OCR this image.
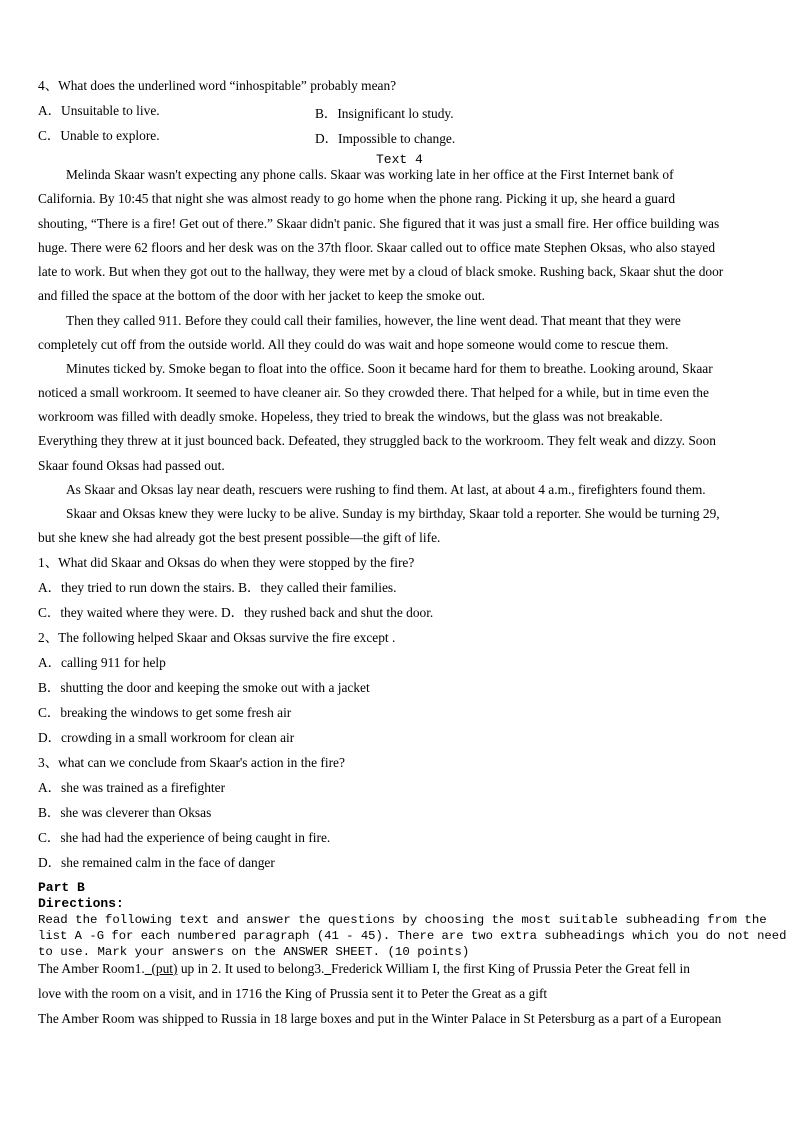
4、What does the underlined word “inhospitable” probably mean?
A．Unsuitable to live.	B．Insignificant lo study.
C．Unable to explore.	D．Impossible to change.
Text 4
Melinda Skaar wasn't expecting any phone calls. Skaar was working late in her office at the First Internet bank of
California. By 10:45 that night she was almost ready to go home when the phone rang. Picking it up, she heard a guard
shouting, “There is a fire! Get out of there.” Skaar didn't panic. She figured that it was just a small fire. Her office building was
huge. There were 62 floors and her desk was on the 37th floor. Skaar called out to office mate Stephen Oksas, who also stayed
late to work. But when they got out to the hallway, they were met by a cloud of black smoke. Rushing back, Skaar shut the door
and filled the space at the bottom of the door with her jacket to keep the smoke out.
Then they called 911. Before they could call their families, however, the line went dead. That meant that they were
completely cut off from the outside world. All they could do was wait and hope someone would come to rescue them.
Minutes ticked by. Smoke began to float into the office. Soon it became hard for them to breathe. Looking around, Skaar
noticed a small workroom. It seemed to have cleaner air. So they crowded there. That helped for a while, but in time even the
workroom was filled with deadly smoke. Hopeless, they tried to break the windows, but the glass was not breakable.
Everything they threw at it just bounced back. Defeated, they struggled back to the workroom. They felt weak and dizzy. Soon
Skaar found Oksas had passed out.
As Skaar and Oksas lay near death, rescuers were rushing to find them. At last, at about 4 a.m., firefighters found them.
Skaar and Oksas knew they were lucky to be alive. Sunday is my birthday, Skaar told a reporter. She would be turning 29,
but she knew she had already got the best present possible—the gift of life.
1、What did Skaar and Oksas do when they were stopped by the fire?
A．they tried to run down the stairs. B．they called their families.
C．they waited where they were. D．they rushed back and shut the door.
2、The following helped Skaar and Oksas survive the fire except .
A．calling 911 for help
B．shutting the door and keeping the smoke out with a jacket
C．breaking the windows to get some fresh air
D．crowding in a small workroom for clean air
3、what can we conclude from Skaar's action in the fire?
A．she was trained as a firefighter
B．she was cleverer than Oksas
C．she had had the experience of being caught in fire.
D．she remained calm in the face of danger
Part B
Directions:
Read the following text and answer the questions by choosing the most suitable subheading from the
list A -G for each numbered paragraph (41 - 45). There are two extra subheadings which you do not need
to use. Mark your answers on the ANSWER SHEET. (10 points)
The Amber Room1._(put) up in 2. It used to belong3._Frederick William I, the first King of Prussia Peter the Great fell in
love with the room on a visit, and in 1716 the King of Prussia sent it to Peter the Great as a gift
The Amber Room was shipped to Russia in 18 large boxes and put in the Winter Palace in St Petersburg as a part of a European
